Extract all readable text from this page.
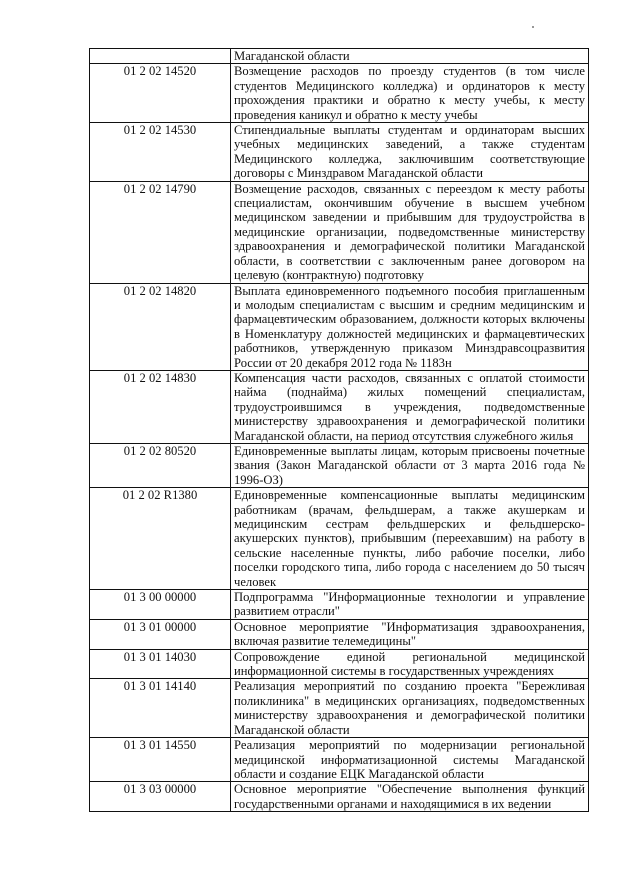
	Магаданской области
01 2 02 14520	Возмещение расходов по проезду студентов (в том числе студентов Медицинского колледжа) и ординаторов к месту прохождения практики и обратно к месту учебы, к месту проведения каникул и обратно к месту учебы
01 2 02 14530	Стипендиальные выплаты студентам и ординаторам высших учебных медицинских заведений, а также студентам Медицинского колледжа, заключившим соответствующие договоры с Минздравом Магаданской области
01 2 02 14790	Возмещение расходов, связанных с переездом к месту работы специалистам, окончившим обучение в высшем учебном медицинском заведении и прибывшим для трудоустройства в медицинские организации, подведомственные министерству здравоохранения и демографической политики Магаданской области, в соответствии с заключенным ранее договором на целевую (контрактную) подготовку
01 2 02 14820	Выплата единовременного подъемного пособия приглашенным и молодым специалистам с высшим и средним медицинским и фармацевтическим образованием, должности которых включены в Номенклатуру должностей медицинских и фармацевтических работников, утвержденную приказом Минздравсоцразвития России от 20 декабря 2012 года № 1183н
01 2 02 14830	Компенсация части расходов, связанных с оплатой стоимости найма (поднайма) жилых помещений специалистам, трудоустроившимся в учреждения, подведомственные министерству здравоохранения и демографической политики Магаданской области, на период отсутствия служебного жилья
01 2 02 80520	Единовременные выплаты лицам, которым присвоены почетные звания (Закон Магаданской области от 3 марта 2016 года № 1996-ОЗ)
01 2 02 R1380	Единовременные компенсационные выплаты медицинским работникам (врачам, фельдшерам, а также акушеркам и медицинским сестрам фельдшерских и фельдшерско-акушерских пунктов), прибывшим (переехавшим) на работу в сельские населенные пункты, либо рабочие поселки, либо поселки городского типа, либо города с населением до 50 тысяч человек
01 3 00 00000	Подпрограмма "Информационные технологии и управление развитием отрасли"
01 3 01 00000	Основное мероприятие "Информатизация здравоохранения, включая развитие телемедицины"
01 3 01 14030	Сопровождение единой региональной медицинской информационной системы в государственных учреждениях
01 3 01 14140	Реализация мероприятий по созданию проекта "Бережливая поликлиника" в медицинских организациях, подведомственных министерству здравоохранения и демографической политики Магаданской области
01 3 01 14550	Реализация мероприятий по модернизации региональной медицинской информатизационной системы Магаданской области и создание ЕЦК Магаданской области
01 3 03 00000	Основное мероприятие "Обеспечение выполнения функций государственными органами и находящимися в их ведении
